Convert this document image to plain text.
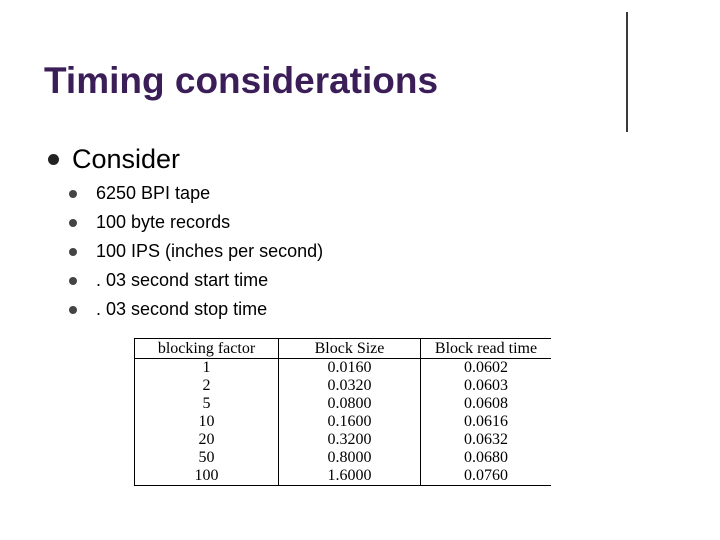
Timing considerations
Consider
6250 BPI tape
100 byte records
100 IPS (inches per second)
. 03 second start time
. 03 second stop time
blocking factor	Block Size	Block read time
1	0.0160	0.0602
2	0.0320	0.0603
5	0.0800	0.0608
10	0.1600	0.0616
20	0.3200	0.0632
50	0.8000	0.0680
100	1.6000	0.0760
